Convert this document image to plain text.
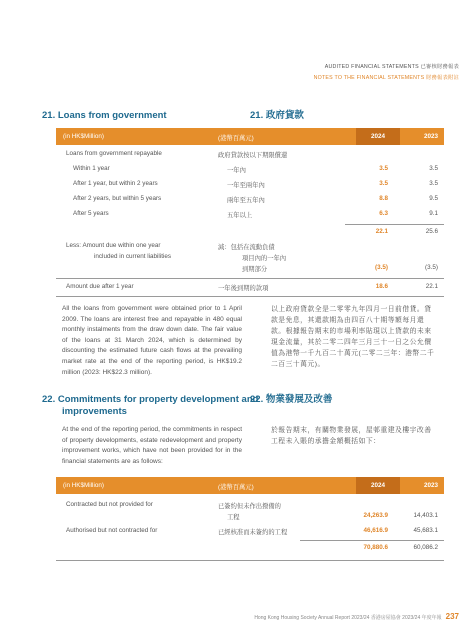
AUDITED FINANCIAL STATEMENTS 已審核財務報表
NOTES TO THE FINANCIAL STATEMENTS 財務報表附註
21. Loans from government	21. 政府貸款
(in HK$Million)	(港幣百萬元)	2024	2023
Loans from government repayable	政府貸款按以下期限償還
Within 1 year	一年內	3.5	3.5
After 1 year, but within 2 years	一年至兩年內	3.5	3.5
After 2 years, but within 5 years	兩年至五年內	8.8	9.5
After 5 years	五年以上	6.3	9.1
22.1	25.6
Less: Amount due within one year
included in current liabilities
減：包括在流動負債
項目內的一年內
到期部分	(3.5)	(3.5)
Amount due after 1 year	一年後到期的款項	18.6	22.1
All the loans from government were obtained prior to 1 April 2009. The loans are interest free and repayable in 480 equal monthly instalments from the draw down date. The fair value of the loans at 31 March 2024, which is determined by discounting the estimated future cash flows at the prevailing market rate at the end of the reporting period, is HK$19.2 million (2023: HK$22.3 million).
以上政府貸款全是二零零九年四月一日前借貸。貸款是免息，其還款期為由四百八十期等額每月還款。根據報告期末的市場利率貼現以上貸款的未來現金流量，其於二零二四年三月三十一日之公允價值為港幣一千九百二十萬元(二零二三年：港幣二千二百三十萬元)。
22. Commitments for property development and
improvements
22. 物業發展及改善
At the end of the reporting period, the commitments in respect of property developments, estate redevelopment and property improvement works, which have not been provided for in the financial statements are as follows:
於報告期末，有關物業發展，屋邨重建及樓宇改善工程未入賬的承擔金額概括如下：
(in HK$Million)	(港幣百萬元)	2024	2023
Contracted but not provided for	已簽約但未作出撥備的
工程	24,263.9	14,403.1
Authorised but not contracted for	已經核准而未簽約的工程	46,616.9	45,683.1
70,880.6	60,086.2
Hong Kong Housing Society Annual Report 2023/24 香港房屋協會 2023/24 年度年報 237
